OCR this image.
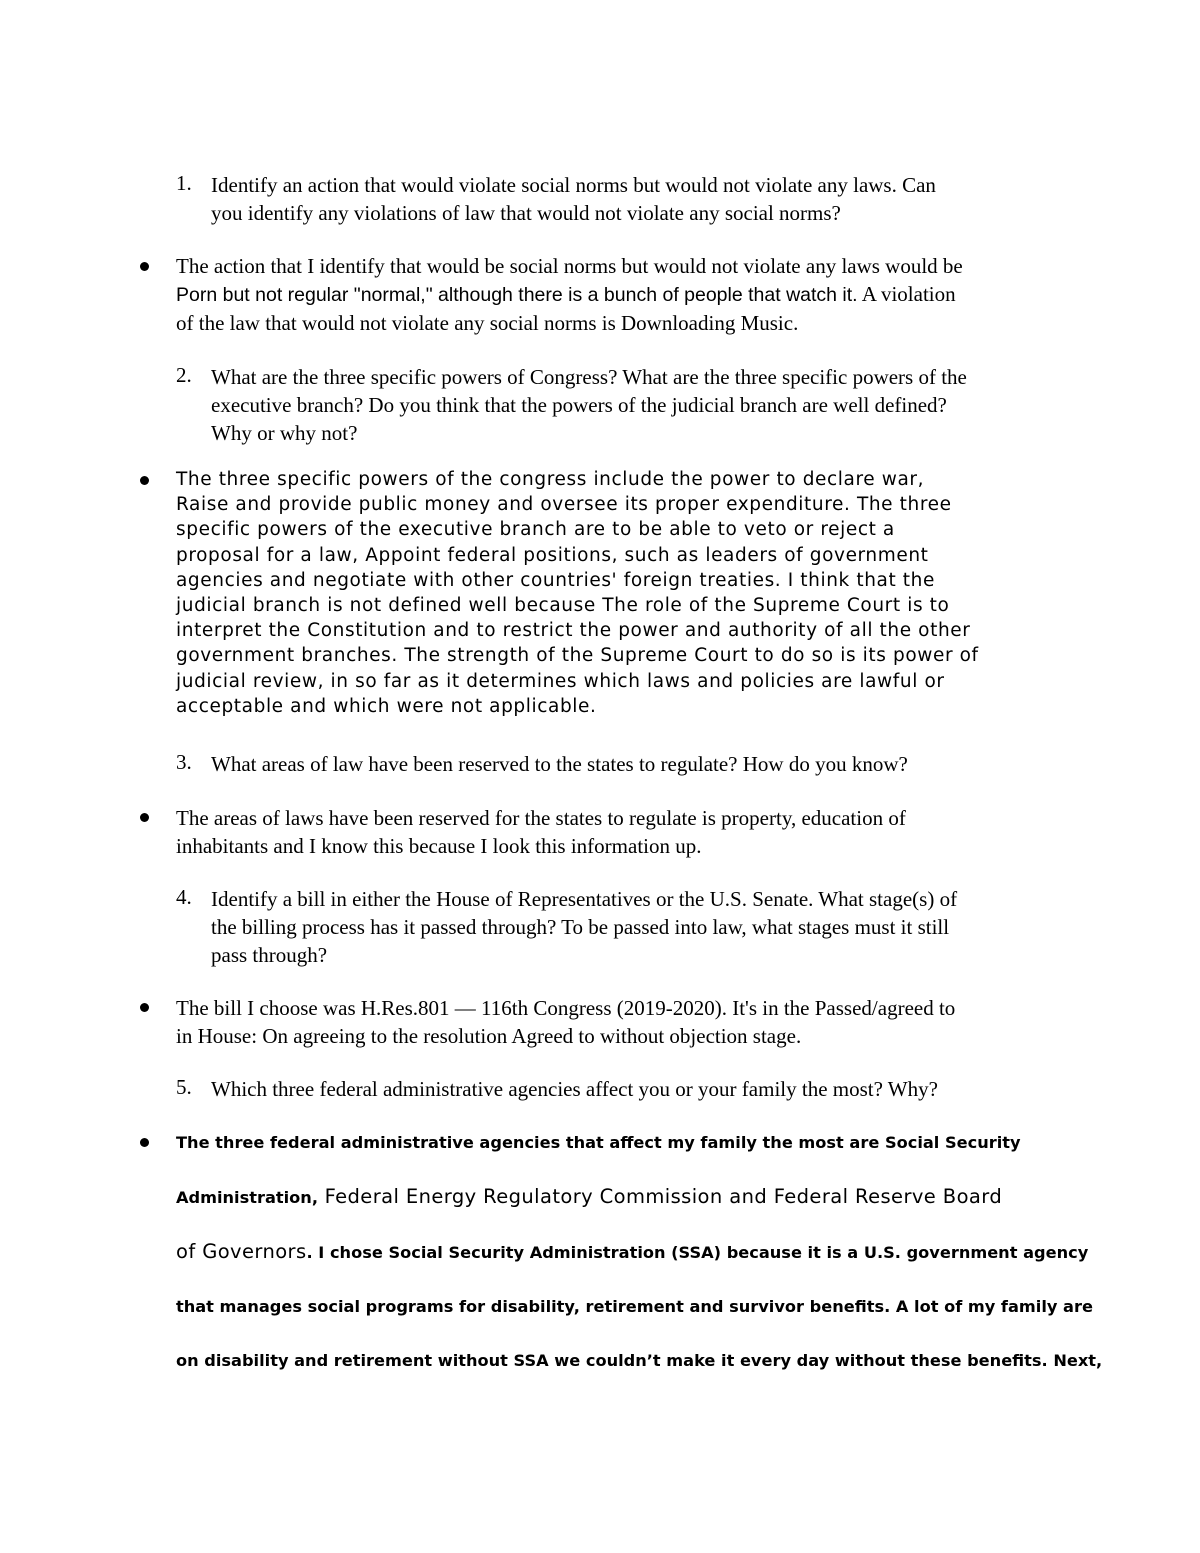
1. Identify an action that would violate social norms but would not violate any laws. Can
you identify any violations of law that would not violate any social norms?
The action that I identify that would be social norms but would not violate any laws would be
Porn but not regular "normal," although there is a bunch of people that watch it. A violation
of the law that would not violate any social norms is Downloading Music.
2. What are the three specific powers of Congress? What are the three specific powers of the
executive branch? Do you think that the powers of the judicial branch are well defined?
Why or why not?
The three specific powers of the congress include the power to declare war,
Raise and provide public money and oversee its proper expenditure. The three
specific powers of the executive branch are to be able to veto or reject a
proposal for a law, Appoint federal positions, such as leaders of government
agencies and negotiate with other countries' foreign treaties. I think that the
judicial branch is not defined well because The role of the Supreme Court is to
interpret the Constitution and to restrict the power and authority of all the other
government branches. The strength of the Supreme Court to do so is its power of
judicial review, in so far as it determines which laws and policies are lawful or
acceptable and which were not applicable.
3. What areas of law have been reserved to the states to regulate? How do you know?
The areas of laws have been reserved for the states to regulate is property, education of
inhabitants and I know this because I look this information up.
4. Identify a bill in either the House of Representatives or the U.S. Senate. What stage(s) of
the billing process has it passed through? To be passed into law, what stages must it still
pass through?
The bill I choose was H.Res.801 — 116th Congress (2019-2020). It's in the Passed/agreed to
in House: On agreeing to the resolution Agreed to without objection stage.
5. Which three federal administrative agencies affect you or your family the most? Why?
The three federal administrative agencies that affect my family the most are Social Security
Administration, Federal Energy Regulatory Commission and Federal Reserve Board
of Governors. I chose Social Security Administration (SSA) because it is a U.S. government agency
that manages social programs for disability, retirement and survivor benefits. A lot of my family are
on disability and retirement without SSA we couldn’t make it every day without these benefits. Next,
